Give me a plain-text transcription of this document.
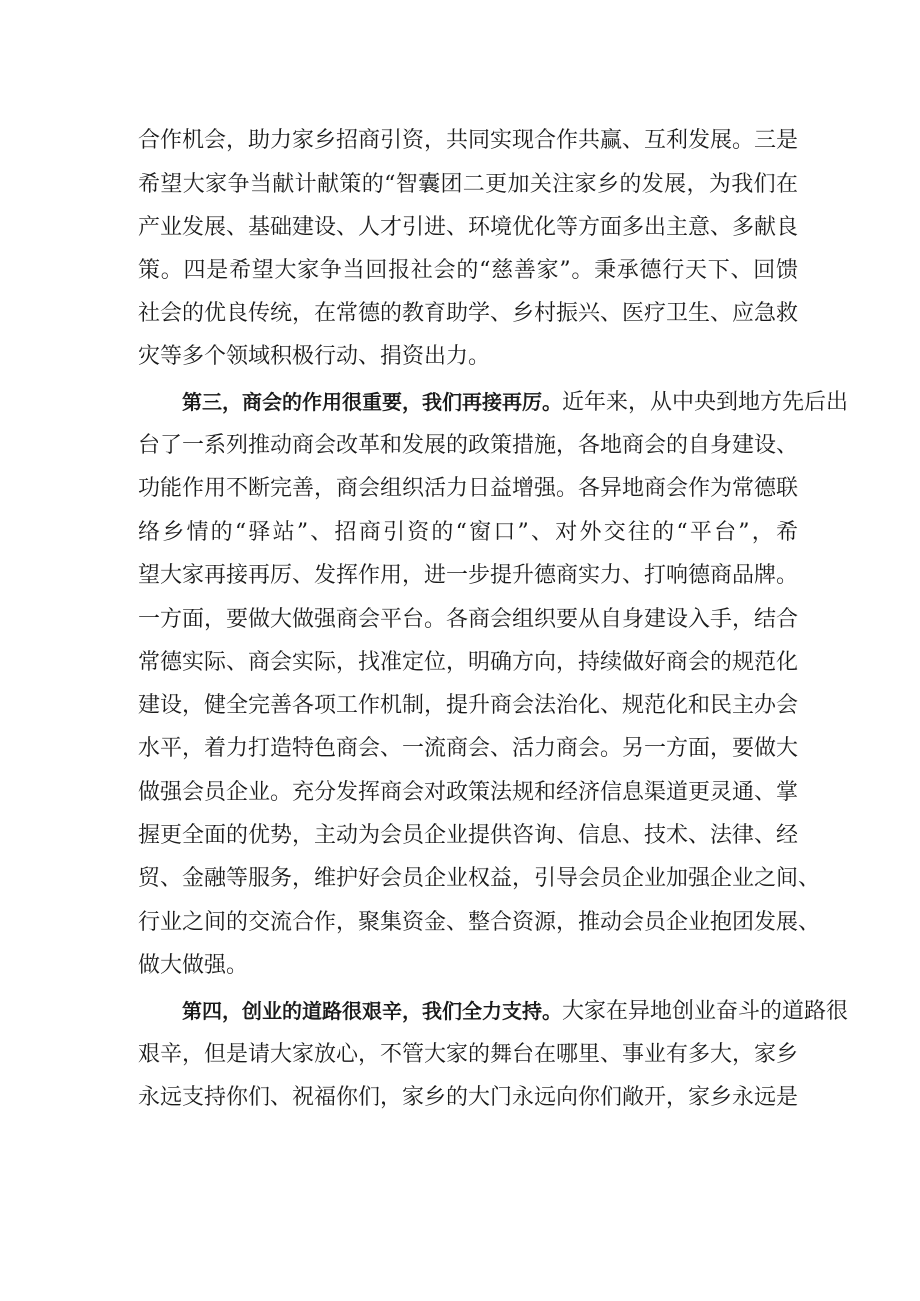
合作机会，助力家乡招商引资，共同实现合作共赢、互利发展。三是
希望大家争当献计献策的“智囊团二更加关注家乡的发展，为我们在
产业发展、基础建设、人才引进、环境优化等方面多出主意、多献良
策。四是希望大家争当回报社会的“慈善家”。秉承德行天下、回馈
社会的优良传统，在常德的教育助学、乡村振兴、医疗卫生、应急救
灾等多个领域积极行动、捐资出力。
第三，商会的作用很重要，我们再接再厉。近年来，从中央到地方先后出
台了一系列推动商会改革和发展的政策措施，各地商会的自身建设、
功能作用不断完善，商会组织活力日益增强。各异地商会作为常德联
络乡情的“驿站”、招商引资的“窗口”、对外交往的“平台”，希
望大家再接再厉、发挥作用，进一步提升德商实力、打响德商品牌。
一方面，要做大做强商会平台。各商会组织要从自身建设入手，结合
常德实际、商会实际，找准定位，明确方向，持续做好商会的规范化
建设，健全完善各项工作机制，提升商会法治化、规范化和民主办会
水平，着力打造特色商会、一流商会、活力商会。另一方面，要做大
做强会员企业。充分发挥商会对政策法规和经济信息渠道更灵通、掌
握更全面的优势，主动为会员企业提供咨询、信息、技术、法律、经
贸、金融等服务，维护好会员企业权益，引导会员企业加强企业之间、
行业之间的交流合作，聚集资金、整合资源，推动会员企业抱团发展、
做大做强。
第四，创业的道路很艰辛，我们全力支持。大家在异地创业奋斗的道路很
艰辛，但是请大家放心，不管大家的舞台在哪里、事业有多大，家乡
永远支持你们、祝福你们，家乡的大门永远向你们敞开，家乡永远是
